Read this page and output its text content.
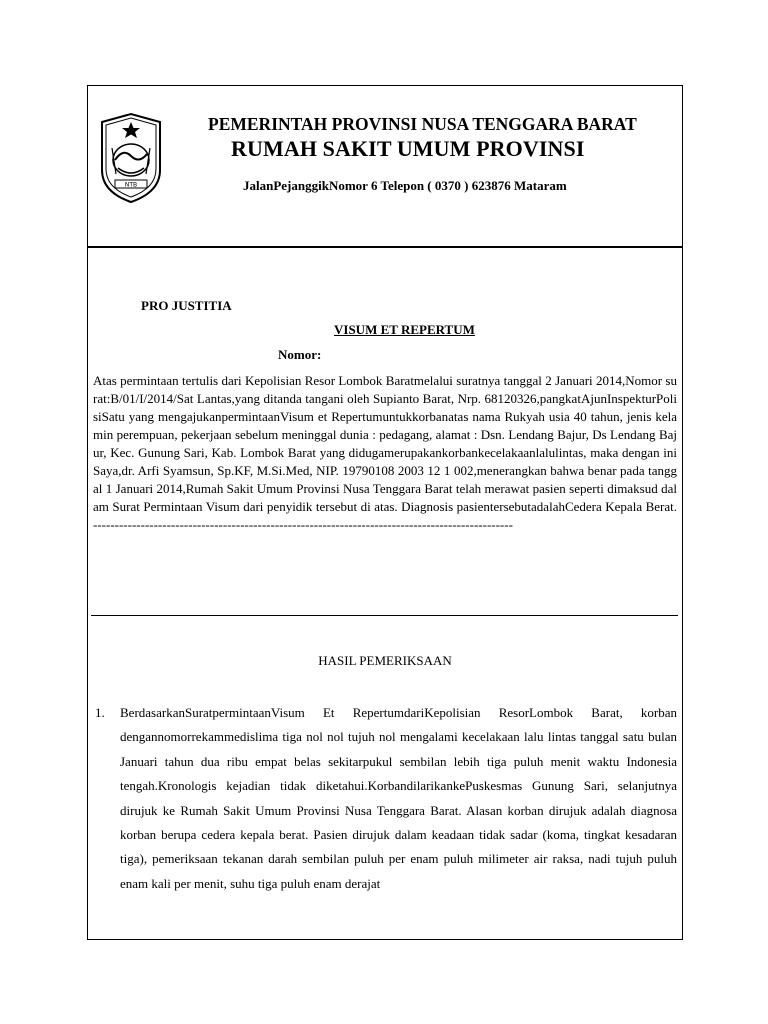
NTB
PEMERINTAH PROVINSI NUSA TENGGARA BARAT
RUMAH SAKIT UMUM PROVINSI
JalanPejanggikNomor 6 Telepon ( 0370 ) 623876 Mataram
PRO JUSTITIA
VISUM ET REPERTUM
Nomor:
Atas permintaan tertulis dari Kepolisian Resor Lombok Baratmelalui suratnya tanggal 2 Januari 2014,Nomor surat:B/01/I/2014/Sat Lantas,yang ditanda tangani oleh Supianto Barat, Nrp. 68120326,pangkatAjunInspekturPolisiSatu yang mengajukanpermintaanVisum et Repertumuntukkorbanatas nama Rukyah usia 40 tahun, jenis kelamin perempuan, pekerjaan sebelum meninggal dunia : pedagang, alamat : Dsn. Lendang Bajur, Ds Lendang Bajur, Kec. Gunung Sari, Kab. Lombok Barat yang didugamerupakankorbankecelakaanlalulintas, maka dengan ini Saya,dr. Arfi Syamsun, Sp.KF, M.Si.Med, NIP. 19790108 2003 12 1 002,menerangkan bahwa benar pada tanggal 1 Januari 2014,Rumah Sakit Umum Provinsi Nusa Tenggara Barat telah merawat pasien seperti dimaksud dalam Surat Permintaan Visum dari penyidik tersebut di atas. Diagnosis pasientersebutadalahCedera Kepala Berat.-------------------------------------------------------------------------------------------------
HASIL PEMERIKSAAN
1. BerdasarkanSuratpermintaanVisum Et RepertumdariKepolisian ResorLombok Barat, korban dengannomorrekammedislima tiga nol nol tujuh nol mengalami kecelakaan lalu lintas tanggal satu bulan Januari tahun dua ribu empat belas sekitarpukul sembilan lebih tiga puluh menit waktu Indonesia tengah.Kronologis kejadian tidak diketahui.KorbandilarikankePuskesmas Gunung Sari, selanjutnya dirujuk ke Rumah Sakit Umum Provinsi Nusa Tenggara Barat. Alasan korban dirujuk adalah diagnosa korban berupa cedera kepala berat. Pasien dirujuk dalam keadaan tidak sadar (koma, tingkat kesadaran tiga), pemeriksaan tekanan darah sembilan puluh per enam puluh milimeter air raksa, nadi tujuh puluh enam kali per menit, suhu tiga puluh enam derajat
